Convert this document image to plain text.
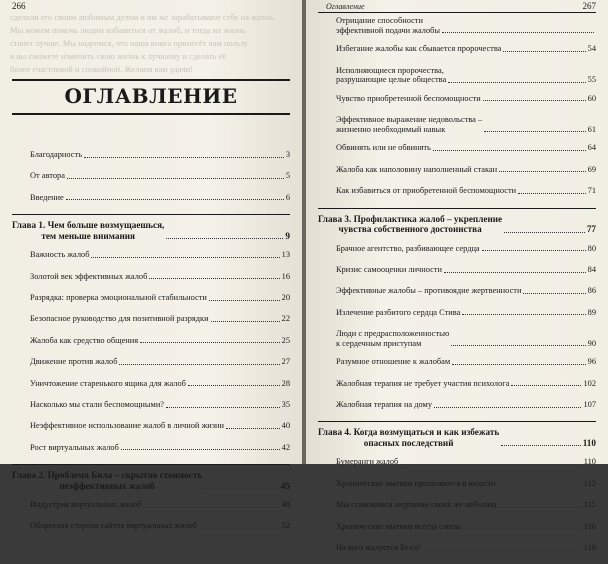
266
сделали его своим любимым делом и им же зарабатывают себе на жизнь.
Мы можем помочь людям избавиться от жалоб, и тогда их жизнь
станет лучше. Мы надеемся, что наша книга принесёт вам пользу
и вы сможете изменить свою жизнь к лучшему и сделать её
более счастливой и спокойной. Желаем вам удачи!
ОГЛАВЛЕНИЕ
Благодарность	3
От автора	5
Введение	6
Глава 1. Чем больше возмущаешься,
тем меньше внимания	9
Важность жалоб	13
Золотой век эффективных жалоб	16
Разрядка: проверка эмоциональной стабильности	20
Безопасное руководство для позитивной разрядки	22
Жалоба как средство общения	25
Движение против жалоб	27
Уничтожение старенького ящика для жалоб	28
Насколько мы стали беспомощными?	35
Неэффективное использование жалоб в личной жизни	40
Рост виртуальных жалоб	42
Глава 2. Проблема Била – скрытая стоимость
неэффективных жалоб	45
Индустрия виртуальных жалоб	48
Оборотная сторона сайтов виртуальных жалоб	52
Оглавление	267
Отрицание способности
эффективной подачи жалобы
Избегание жалобы как сбывается пророчества	54
Исполняющиеся пророчества,
разрушающие целые общества	55
Чувство приобретенной беспомощности	60
Эффективное выражение недовольства –
жизненно необходимый навык	61
Обвинять или не обвинять	64
Жалоба как наполовину наполненный стакан	69
Как избавиться от приобретенной беспомощности	71
Глава 3. Профилактика жалоб – укрепление
чувства собственного достоинства	77
Брачное агентство, разбивающее сердца	80
Кризис самооценки личности	84
Эффективные жалобы – противоядие жертвенности	86
Излечение разбитого сердца Стива	89
Люди с предрасположенностью
к сердечным приступам	90
Разумное отношение к жалобам	96
Жалобная терапия не требует участия психолога	102
Жалобная терапия на дому	107
Глава 4. Когда возмущаться и как избежать
опасных последствий	110
Бумеранги жалоб	110
Хронические нытики проявляются в юности	112
Мы становимся жертвами своих же небылиц	115
Хронические нытики всегда слепы	116
На кого жалуется Белл?	118
